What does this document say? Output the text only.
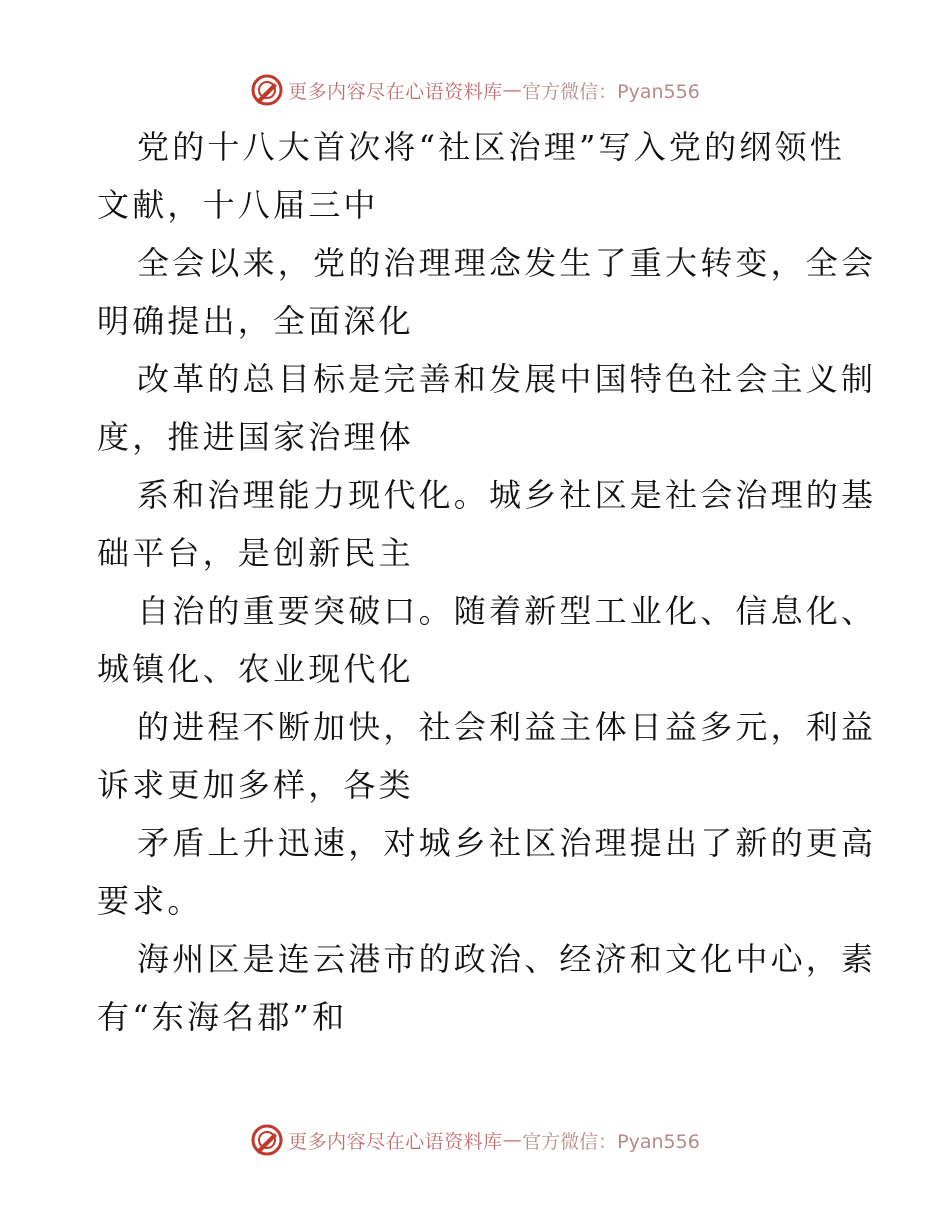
更多内容尽在心语资料库 — 官方微信：Pyan556
党的十八大首次将“社区治理”写入党的纲领性
文献，十八届三中
全会以来，党的治理理念发生了重大转变，全会
明确提出，全面深化
改革的总目标是完善和发展中国特色社会主义制
度，推进国家治理体
系和治理能力现代化。城乡社区是社会治理的基
础平台，是创新民主
自治的重要突破口。随着新型工业化、信息化、
城镇化、农业现代化
的进程不断加快，社会利益主体日益多元，利益
诉求更加多样，各类
矛盾上升迅速，对城乡社区治理提出了新的更高
要求。
海州区是连云港市的政治、经济和文化中心，素
有“东海名郡”和
更多内容尽在心语资料库 — 官方微信：Pyan556
